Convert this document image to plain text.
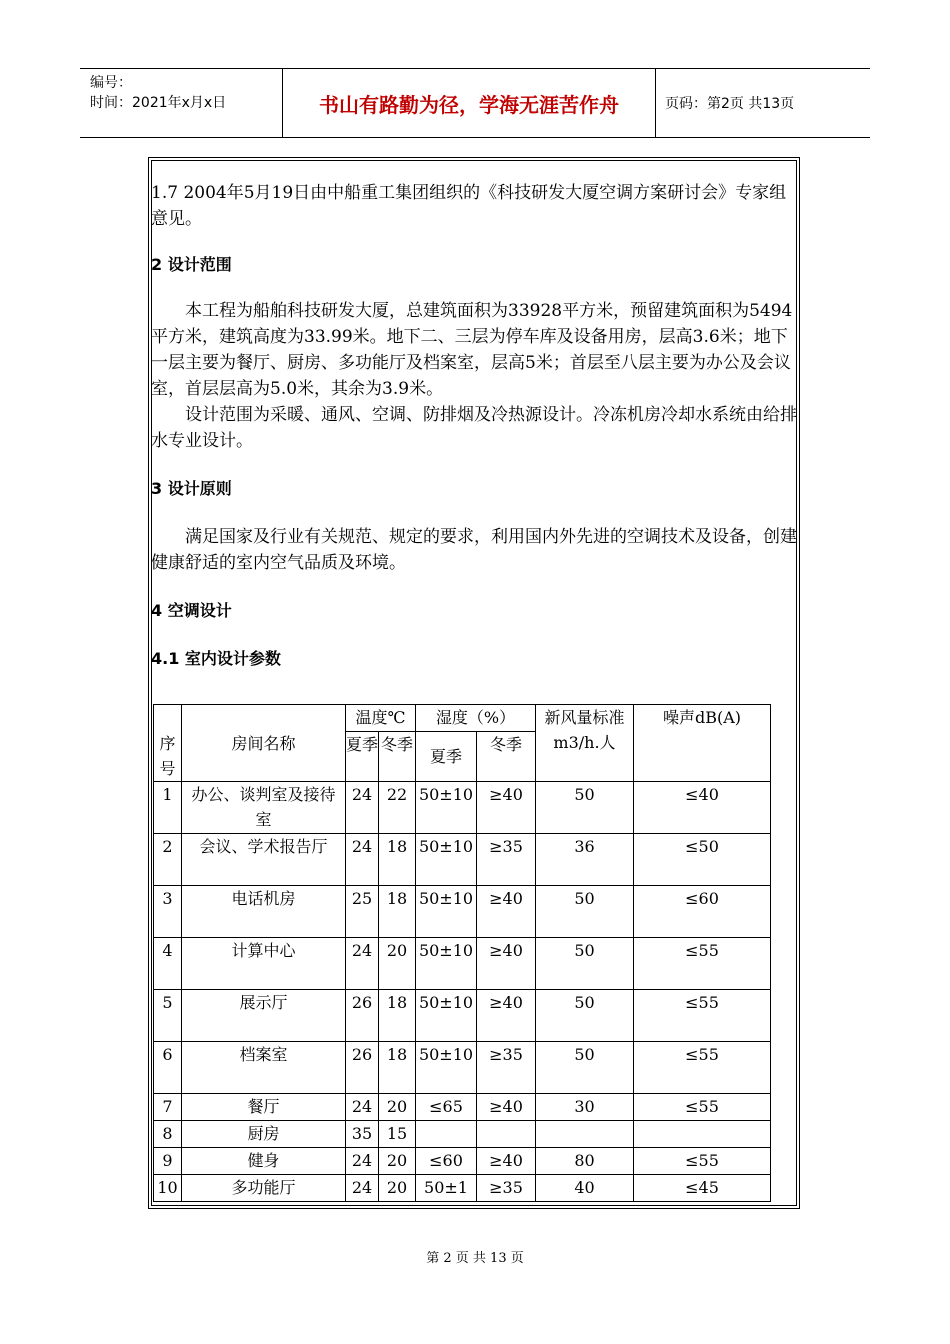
编号：
时间：2021年x月x日	书山有路勤为径，学海无涯苦作舟	页码：第2页 共13页

1.7 2004年5月19日由中船重工集团组织的《科技研发大厦空调方案研讨会》专家组意见。

2 设计范围

本工程为船舶科技研发大厦，总建筑面积为33928平方米，预留建筑面积为5494平方米，建筑高度为33.99米。地下二、三层为停车库及设备用房，层高3.6米；地下一层主要为餐厅、厨房、多功能厅及档案室，层高5米；首层至八层主要为办公及会议室，首层层高为5.0米，其余为3.9米。

设计范围为采暖、通风、空调、防排烟及冷热源设计。冷冻机房冷却水系统由给排水专业设计。

3 设计原则

满足国家及行业有关规范、规定的要求，利用国内外先进的空调技术及设备，创建健康舒适的室内空气品质及环境。

4 空调设计

4.1 室内设计参数

序号	房间名称	温度℃		湿度（%）		新风量标准m3/h.人	噪声dB(A)
		夏季	冬季	夏季	冬季		
1	办公、谈判室及接待室	24	22	50±10	≥40	50	≤40
2	会议、学术报告厅	24	18	50±10	≥35	36	≤50
3	电话机房	25	18	50±10	≥40	50	≤60
4	计算中心	24	20	50±10	≥40	50	≤55
5	展示厅	26	18	50±10	≥40	50	≤55
6	档案室	26	18	50±10	≥35	50	≤55
7	餐厅	24	20	≤65	≥40	30	≤55
8	厨房	35	15				
9	健身	24	20	≤60	≥40	80	≤55
10	多功能厅	24	20	50±1	≥35	40	≤45
第 2 页 共 13 页
